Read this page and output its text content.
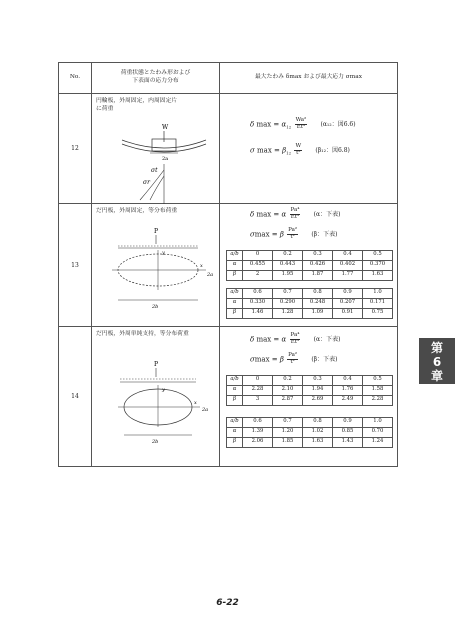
No.	荷重状態とたわみ形および
下表面の応力分布	最大たわみ δmax および最大応力 σmax
12	
円輪板，外周固定，内周固定片
に荷重
W
2a
σt
σr

δ $\max = \alpha_{12} \frac{\text{Wa²}}{\text{Et³}} (\alpha_{12}$：図6.6)
σ $\max = \beta_{12} \frac{W}{\text{t²}} (\beta_{12}$：図6.8)

13	
だ円板，外周固定，等分布荷重
P
y
x
2a
2b

δ max = α $\frac{\text{Pa⁴}}{\text{Et³}} (\alpha$：下表)
σmax = β $\frac{\text{Pa²}}{\text{t²}} (\beta$：下表)
a/b	0	0.2	0.3	0.4	0.5
α	0.455	0.443	0.426	0.402	0.370
β	2	1.95	1.87	1.77	1.63
a/b	0.6	0.7	0.8	0.9	1.0
α	0.330	0.290	0.248	0.207	0.171
β	1.46	1.28	1.09	0.91	0.75

14	
だ円板，外周単純支持，等分布荷重
P
y
x
2a
2b

δ max = α $\frac{\text{Pa⁴}}{\text{Et³}} (\alpha$：下表)
σmax = β $\frac{\text{Pa²}}{\text{t²}} (\beta$：下表)
a/b	0	0.2	0.3	0.4	0.5
α	2.28	2.10	1.94	1.76	1.58
β	3	2.87	2.69	2.49	2.28
a/b	0.6	0.7	0.8	0.9	1.0
α	1.39	1.20	1.02	0.85	0.70
β	2.06	1.85	1.63	1.43	1.24
第
6
章
6-22
